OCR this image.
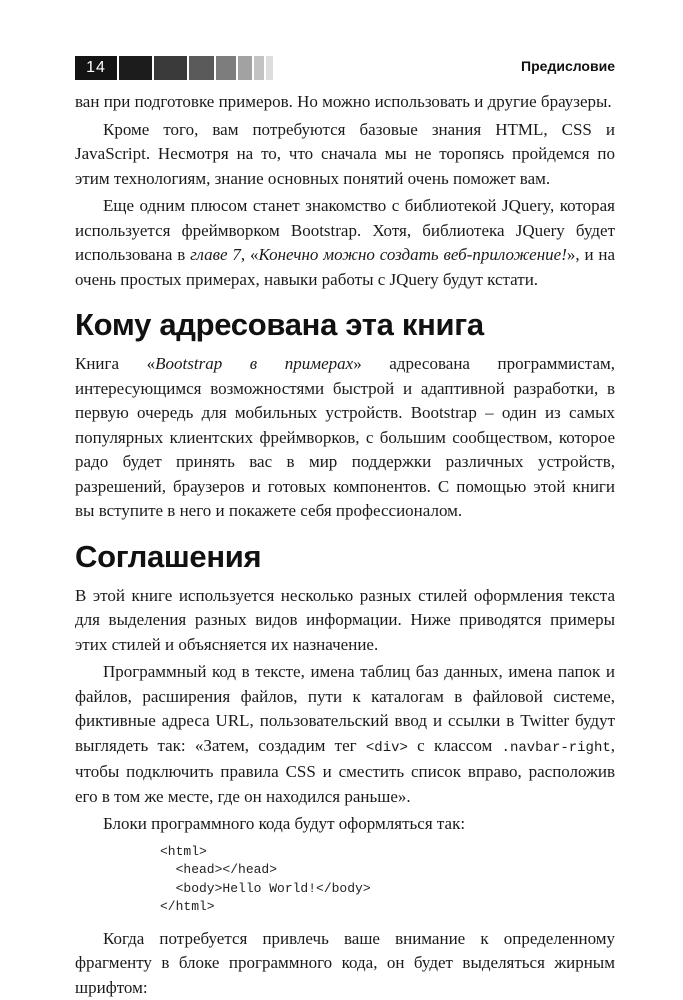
14	Предисловие

ван при подготовке примеров. Но можно использовать и другие браузеры.

Кроме того, вам потребуются базовые знания HTML, CSS и JavaScript. Несмотря на то, что сначала мы не торопясь пройдемся по этим технологиям, знание основных понятий очень поможет вам.

Еще одним плюсом станет знакомство с библиотекой JQuery, которая используется фреймворком Bootstrap. Хотя, библиотека JQuery будет использована в главе 7, «Конечно можно создать веб-приложение!», и на очень простых примерах, навыки работы с JQuery будут кстати.

Кому адресована эта книга

Книга «Bootstrap в примерах» адресована программистам, интересующимся возможностями быстрой и адаптивной разработки, в первую очередь для мобильных устройств. Bootstrap – один из самых популярных клиентских фреймворков, с большим сообществом, которое радо будет принять вас в мир поддержки различных устройств, разрешений, браузеров и готовых компонентов. С помощью этой книги вы вступите в него и покажете себя профессионалом.

Соглашения

В этой книге используется несколько разных стилей оформления текста для выделения разных видов информации. Ниже приводятся примеры этих стилей и объясняется их назначение.

Программный код в тексте, имена таблиц баз данных, имена папок и файлов, расширения файлов, пути к каталогам в файловой системе, фиктивные адреса URL, пользовательский ввод и ссылки в Twitter будут выглядеть так: «Затем, создадим тег <div> с классом .navbar-right, чтобы подключить правила CSS и сместить список вправо, расположив его в том же месте, где он находился раньше».

Блоки программного кода будут оформляться так:

<html>
<head></head>
<body>Hello World!</body>
</html>

Когда потребуется привлечь ваше внимание к определенному фрагменту в блоке программного кода, он будет выделяться жирным шрифтом:
